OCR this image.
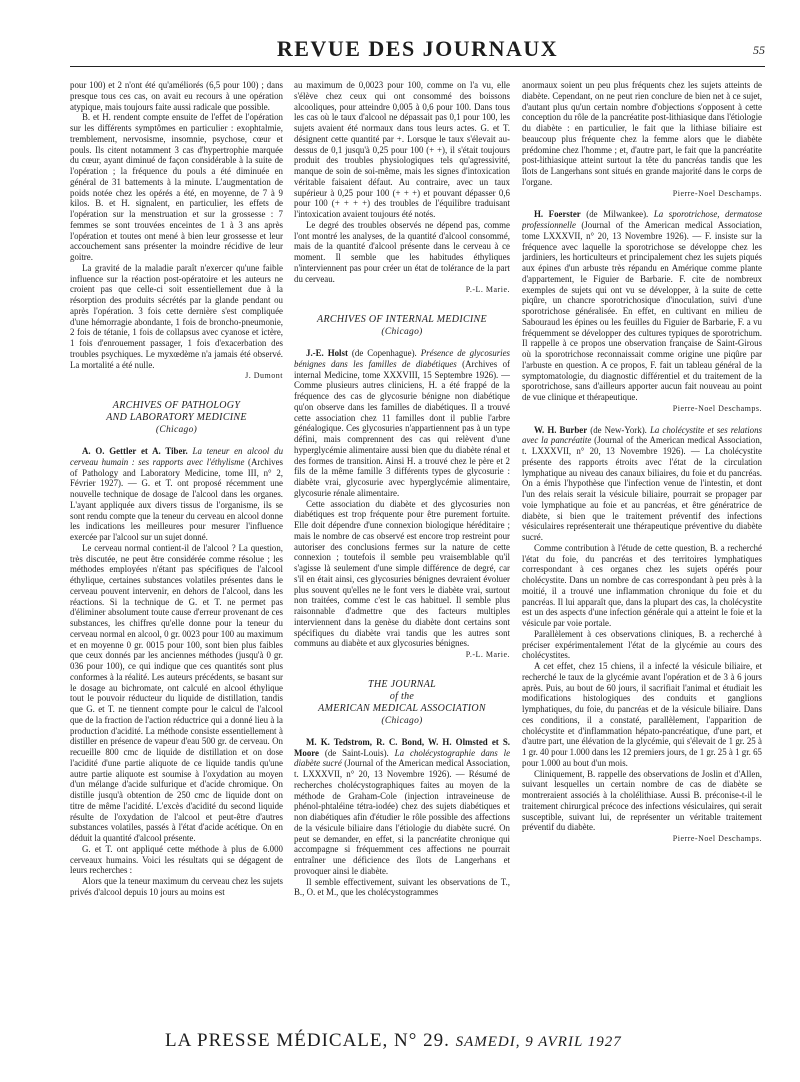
REVUE DES JOURNAUX	55

pour 100) et 2 n'ont été qu'améliorés (6,5 pour 100) ; dans presque tous ces cas, on avait eu recours à une opération atypique, mais toujours faite aussi radicale que possible.

B. et H. rendent compte ensuite de l'effet de l'opération sur les différents symptômes en particulier : exophtalmie, tremblement, nervosisme, insomnie, psychose, cœur et pouls. Ils citent notamment 3 cas d'hypertrophie marquée du cœur, ayant diminué de façon considérable à la suite de l'opération ; la fréquence du pouls a été diminuée en général de 31 battements à la minute. L'augmentation de poids notée chez les opérés a été, en moyenne, de 7 à 9 kilos. B. et H. signalent, en particulier, les effets de l'opération sur la menstruation et sur la grossesse : 7 femmes se sont trouvées enceintes de 1 à 3 ans après l'opération et toutes ont mené à bien leur grossesse et leur accouchement sans présenter la moindre récidive de leur goitre.

La gravité de la maladie paraît n'exercer qu'une faible influence sur la réaction post-opératoire et les auteurs ne croient pas que celle-ci soit essentiellement due à la résorption des produits sécrétés par la glande pendant ou après l'opération. 3 fois cette dernière s'est compliquée d'une hémorragie abondante, 1 fois de broncho-pneumonie, 2 fois de tétanie, 1 fois de collapsus avec cyanose et ictère, 1 fois d'enrouement passager, 1 fois d'exacerbation des troubles psychiques. Le myxœdème n'a jamais été observé. La mortalité a été nulle.

J. Dumont
ARCHIVES OF PATHOLOGY
AND LABORATORY MEDICINE

(Chicago)

A. O. Gettler et A. Tiber. La teneur en alcool du cerveau humain : ses rapports avec l'éthylisme (Archives of Pathology and Laboratory Medicine, tome III, n° 2, Février 1927). — G. et T. ont proposé récemment une nouvelle technique de dosage de l'alcool dans les organes. L'ayant appliquée aux divers tissus de l'organisme, ils se sont rendu compte que la teneur du cerveau en alcool donne les indications les meilleures pour mesurer l'influence exercée par l'alcool sur un sujet donné.

Le cerveau normal contient-il de l'alcool ? La question, très discutée, ne peut être considérée comme résolue ; les méthodes employées n'étant pas spécifiques de l'alcool éthylique, certaines substances volatiles présentes dans le cerveau pouvent intervenir, en dehors de l'alcool, dans les réactions. Si la technique de G. et T. ne permet pas d'éliminer absolument toute cause d'erreur provenant de ces substances, les chiffres qu'elle donne pour la teneur du cerveau normal en alcool, 0 gr. 0023 pour 100 au maximum et en moyenne 0 gr. 0015 pour 100, sont bien plus faibles que ceux donnés par les anciennes méthodes (jusqu'à 0 gr. 036 pour 100), ce qui indique que ces quantités sont plus conformes à la réalité. Les auteurs précédents, se basant sur le dosage au bichromate, ont calculé en alcool éthylique tout le pouvoir réducteur du liquide de distillation, tandis que G. et T. ne tiennent compte pour le calcul de l'alcool que de la fraction de l'action réductrice qui a donné lieu à la production d'acidité. La méthode consiste essentiellement à distiller en présence de vapeur d'eau 500 gr. de cerveau. On recueille 800 cmc de liquide de distillation et on dose l'acidité d'une partie aliquote de ce liquide tandis qu'une autre partie aliquote est soumise à l'oxydation au moyen d'un mélange d'acide sulfurique et d'acide chromique. On distille jusqu'à obtention de 250 cmc de liquide dont on titre de même l'acidité. L'excès d'acidité du second liquide résulte de l'oxydation de l'alcool et peut-être d'autres substances volatiles, passés à l'état d'acide acétique. On en déduit la quantité d'alcool présente.

G. et T. ont appliqué cette méthode à plus de 6.000 cerveaux humains. Voici les résultats qui se dégagent de leurs recherches :

Alors que la teneur maximum du cerveau chez les sujets privés d'alcool depuis 10 jours au moins est

au maximum de 0,0023 pour 100, comme on l'a vu, elle s'élève chez ceux qui ont consommé des boissons alcooliques, pour atteindre 0,005 à 0,6 pour 100. Dans tous les cas où le taux d'alcool ne dépassait pas 0,1 pour 100, les sujets avaient été normaux dans tous leurs actes. G. et T. désignent cette quantité par +. Lorsque le taux s'élevait au-dessus de 0,1 jusqu'à 0,25 pour 100 (+ +), il s'était toujours produit des troubles physiologiques tels qu'agressivité, manque de soin de soi-même, mais les signes d'intoxication véritable faisaient défaut. Au contraire, avec un taux supérieur à 0,25 pour 100 (+ + +) et pouvant dépasser 0,6 pour 100 (+ + + +) des troubles de l'équilibre traduisant l'intoxication avaient toujours été notés.

Le degré des troubles observés ne dépend pas, comme l'ont montré les analyses, de la quantité d'alcool consommé, mais de la quantité d'alcool présente dans le cerveau à ce moment. Il semble que les habitudes éthyliques n'interviennent pas pour créer un état de tolérance de la part du cerveau.

P.-L. Marie.
ARCHIVES OF INTERNAL MEDICINE

(Chicago)

J.-E. Holst (de Copenhague). Présence de glycosuries bénignes dans les familles de diabétiques (Archives of internal Medicine, tome XXXVIII, 15 Septembre 1926). — Comme plusieurs autres cliniciens, H. a été frappé de la fréquence des cas de glycosurie bénigne non diabétique qu'on observe dans les familles de diabétiques. Il a trouvé cette association chez 11 familles dont il publie l'arbre généalogique. Ces glycosuries n'appartiennent pas à un type défini, mais comprennent des cas qui relèvent d'une hyperglycémie alimentaire aussi bien que du diabète rénal et des formes de transition. Ainsi H. a trouvé chez le père et 2 fils de la même famille 3 différents types de glycosurie : diabète vrai, glycosurie avec hyperglycémie alimentaire, glycosurie rénale alimentaire.

Cette association du diabète et des glycosuries non diabétiques est trop fréquente pour être purement fortuite. Elle doit dépendre d'une connexion biologique héréditaire ; mais le nombre de cas observé est encore trop restreint pour autoriser des conclusions fermes sur la nature de cette connexion ; toutefois il semble peu vraisemblable qu'il s'agisse là seulement d'une simple différence de degré, car s'il en était ainsi, ces glycosuries bénignes devraient évoluer plus souvent qu'elles ne le font vers le diabète vrai, surtout non traitées, comme c'est le cas habituel. Il semble plus raisonnable d'admettre que des facteurs multiples interviennent dans la genèse du diabète dont certains sont spécifiques du diabète vrai tandis que les autres sont communs au diabète et aux glycosuries bénignes.

P.-L. Marie.
THE JOURNAL
of the
AMERICAN MEDICAL ASSOCIATION

(Chicago)

M. K. Tedstrom, R. C. Bond, W. H. Olmsted et S. Moore (de Saint-Louis). La cholécystographie dans le diabète sucré (Journal of the American medical Association, t. LXXXVII, n° 20, 13 Novembre 1926). — Résumé de recherches cholécystographiques faites au moyen de la méthode de Graham-Cole (injection intraveineuse de phénol-phtaléine tétra-iodée) chez des sujets diabétiques et non diabétiques afin d'étudier le rôle possible des affections de la vésicule biliaire dans l'étiologie du diabète sucré. On peut se demander, en effet, si la pancréatite chronique qui accompagne si fréquemment ces affections ne pourrait entraîner une déficience des îlots de Langerhans et provoquer ainsi le diabète.

Il semble effectivement, suivant les observations de T., B., O. et M., que les cholécystogrammes

anormaux soient un peu plus fréquents chez les sujets atteints de diabète. Cependant, on ne peut rien conclure de bien net à ce sujet, d'autant plus qu'un certain nombre d'objections s'opposent à cette conception du rôle de la pancréatite post-lithiasique dans l'étiologie du diabète : en particulier, le fait que la lithiase biliaire est beaucoup plus fréquente chez la femme alors que le diabète prédomine chez l'homme ; et, d'autre part, le fait que la pancréatite post-lithiasique atteint surtout la tête du pancréas tandis que les îlots de Langerhans sont situés en grande majorité dans le corps de l'organe.

Pierre-Noel Deschamps.

H. Foerster (de Milwankee). La sporotrichose, dermatose professionnelle (Journal of the American medical Association, tome LXXXVII, n° 20, 13 Novembre 1926). — F. insiste sur la fréquence avec laquelle la sporotrichose se développe chez les jardiniers, les horticulteurs et principalement chez les sujets piqués aux épines d'un arbuste très répandu en Amérique comme plante d'appartement, le Figuier de Barbarie. F. cite de nombreux exemples de sujets qui ont vu se développer, à la suite de cette piqûre, un chancre sporotrichosique d'inoculation, suivi d'une sporotrichose généralisée. En effet, en cultivant en milieu de Sabouraud les épines ou les feuilles du Figuier de Barbarie, F. a vu fréquemment se développer des cultures typiques de sporotrichum. Il rappelle à ce propos une observation française de Saint-Girous où la sporotrichose reconnaissait comme origine une piqûre par l'arbuste en question. A ce propos, F. fait un tableau général de la symptomatologie, du diagnostic différentiel et du traitement de la sporotrichose, sans d'ailleurs apporter aucun fait nouveau au point de vue clinique et thérapeutique.

Pierre-Noel Deschamps.

W. H. Burber (de New-York). La cholécystite et ses relations avec la pancréatite (Journal of the American medical Association, t. LXXXVII, n° 20, 13 Novembre 1926). — La cholécystite présente des rapports étroits avec l'état de la circulation lymphatique au niveau des canaux biliaires, du foie et du pancréas. On a émis l'hypothèse que l'infection venue de l'intestin, et dont l'un des relais serait la vésicule biliaire, pourrait se propager par voie lymphatique au foie et au pancréas, et être génératrice de diabète, si bien que le traitement préventif des infections vésiculaires représenterait une thérapeutique préventive du diabète sucré.

Comme contribution à l'étude de cette question, B. a recherché l'état du foie, du pancréas et des territoires lymphatiques correspondant à ces organes chez les sujets opérés pour cholécystite. Dans un nombre de cas correspondant à peu près à la moitié, il a trouvé une inflammation chronique du foie et du pancréas. Il lui apparaît que, dans la plupart des cas, la cholécystite est un des aspects d'une infection générale qui a atteint le foie et la vésicule par voie portale.

Parallèlement à ces observations cliniques, B. a recherché à préciser expérimentalement l'état de la glycémie au cours des cholécystites.

A cet effet, chez 15 chiens, il a infecté la vésicule biliaire, et recherché le taux de la glycémie avant l'opération et de 3 à 6 jours après. Puis, au bout de 60 jours, il sacrifiait l'animal et étudiait les modifications histologiques des conduits et ganglions lymphatiques, du foie, du pancréas et de la vésicule biliaire. Dans ces conditions, il a constaté, parallèlement, l'apparition de cholécystite et d'inflammation hépato-pancréatique, d'une part, et d'autre part, une élévation de la glycémie, qui s'élevait de 1 gr. 25 à 1 gr. 40 pour 1.000 dans les 12 premiers jours, de 1 gr. 25 à 1 gr. 65 pour 1.000 au bout d'un mois.

Cliniquement, B. rappelle des observations de Joslin et d'Allen, suivant lesquelles un certain nombre de cas de diabète se montreraient associés à la cholélithiase. Aussi B. préconise-t-il le traitement chirurgical précoce des infections vésiculaires, qui serait susceptible, suivant lui, de représenter un véritable traitement préventif du diabète.

Pierre-Noel Deschamps.
LA PRESSE MÉDICALE, N° 29. SAMEDI, 9 AVRIL 1927
